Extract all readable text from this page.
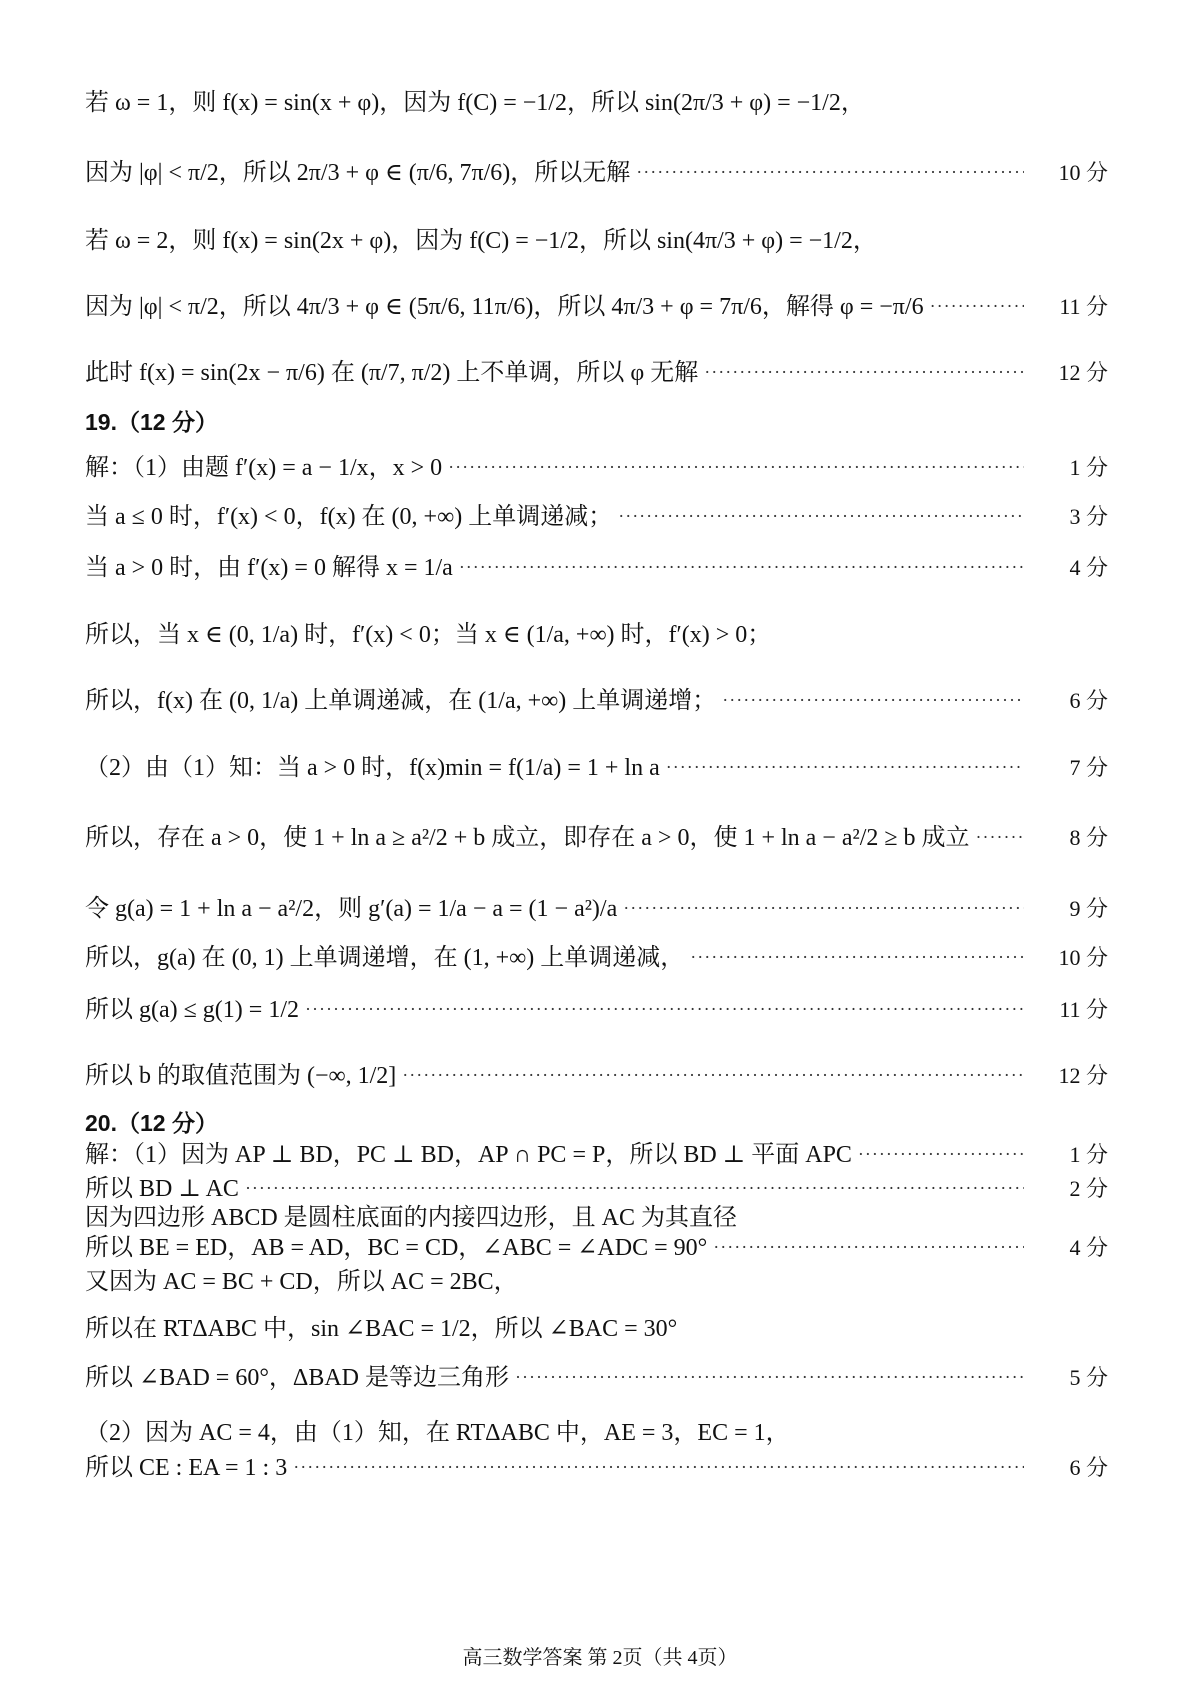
若 ω = 1，则 f(x) = sin(x + φ)，因为 f(C) = −1/2，所以 sin(2π/3 + φ) = −1/2，
因为 |φ| < π/2，所以 2π/3 + φ ∈ (π/6, 7π/6)，所以无解 ·····	10 分
若 ω = 2，则 f(x) = sin(2x + φ)，因为 f(C) = −1/2，所以 sin(4π/3 + φ) = −1/2，
因为 |φ| < π/2，所以 4π/3 + φ ∈ (5π/6, 11π/6)，所以 4π/3 + φ = 7π/6，解得 φ = −π/6 ·····	11 分
此时 f(x) = sin(2x − π/6) 在 (π/7, π/2) 上不单调，所以 φ 无解 ·····	12 分
19.（12 分）
解：（1）由题 f′(x) = a − 1/x，x > 0 ·····	1 分
当 a ≤ 0 时，f′(x) < 0，f(x) 在 (0, +∞) 上单调递减； ·····	3 分
当 a > 0 时，由 f′(x) = 0 解得 x = 1/a ·····	4 分
所以，当 x ∈ (0, 1/a) 时，f′(x) < 0；当 x ∈ (1/a, +∞) 时，f′(x) > 0；
所以，f(x) 在 (0, 1/a) 上单调递减，在 (1/a, +∞) 上单调递增； ·····	6 分
（2）由（1）知：当 a > 0 时，f(x)min = f(1/a) = 1 + ln a ·····	7 分
所以，存在 a > 0，使 1 + ln a ≥ a²/2 + b 成立，即存在 a > 0，使 1 + ln a − a²/2 ≥ b 成立 ·····	8 分
令 g(a) = 1 + ln a − a²/2，则 g′(a) = 1/a − a = (1 − a²)/a ·····	9 分
所以，g(a) 在 (0, 1) 上单调递增，在 (1, +∞) 上单调递减， ·····	10 分
所以 g(a) ≤ g(1) = 1/2 ·····	11 分
所以 b 的取值范围为 (−∞, 1/2] ·····	12 分
20.（12 分）
解：（1）因为 AP ⊥ BD，PC ⊥ BD，AP ∩ PC = P，所以 BD ⊥ 平面 APC ·····	1 分
所以 BD ⊥ AC ·····	2 分
因为四边形 ABCD 是圆柱底面的内接四边形，且 AC 为其直径
所以 BE = ED，AB = AD，BC = CD，∠ABC = ∠ADC = 90° ·····	4 分
又因为 AC = BC + CD，所以 AC = 2BC，
所以在 RTΔABC 中，sin ∠BAC = 1/2，所以 ∠BAC = 30°
所以 ∠BAD = 60°，ΔBAD 是等边三角形 ·····	5 分
（2）因为 AC = 4，由（1）知，在 RTΔABC 中，AE = 3，EC = 1，
所以 CE : EA = 1 : 3 ·····	6 分
高三数学答案 第 2页（共 4页）
